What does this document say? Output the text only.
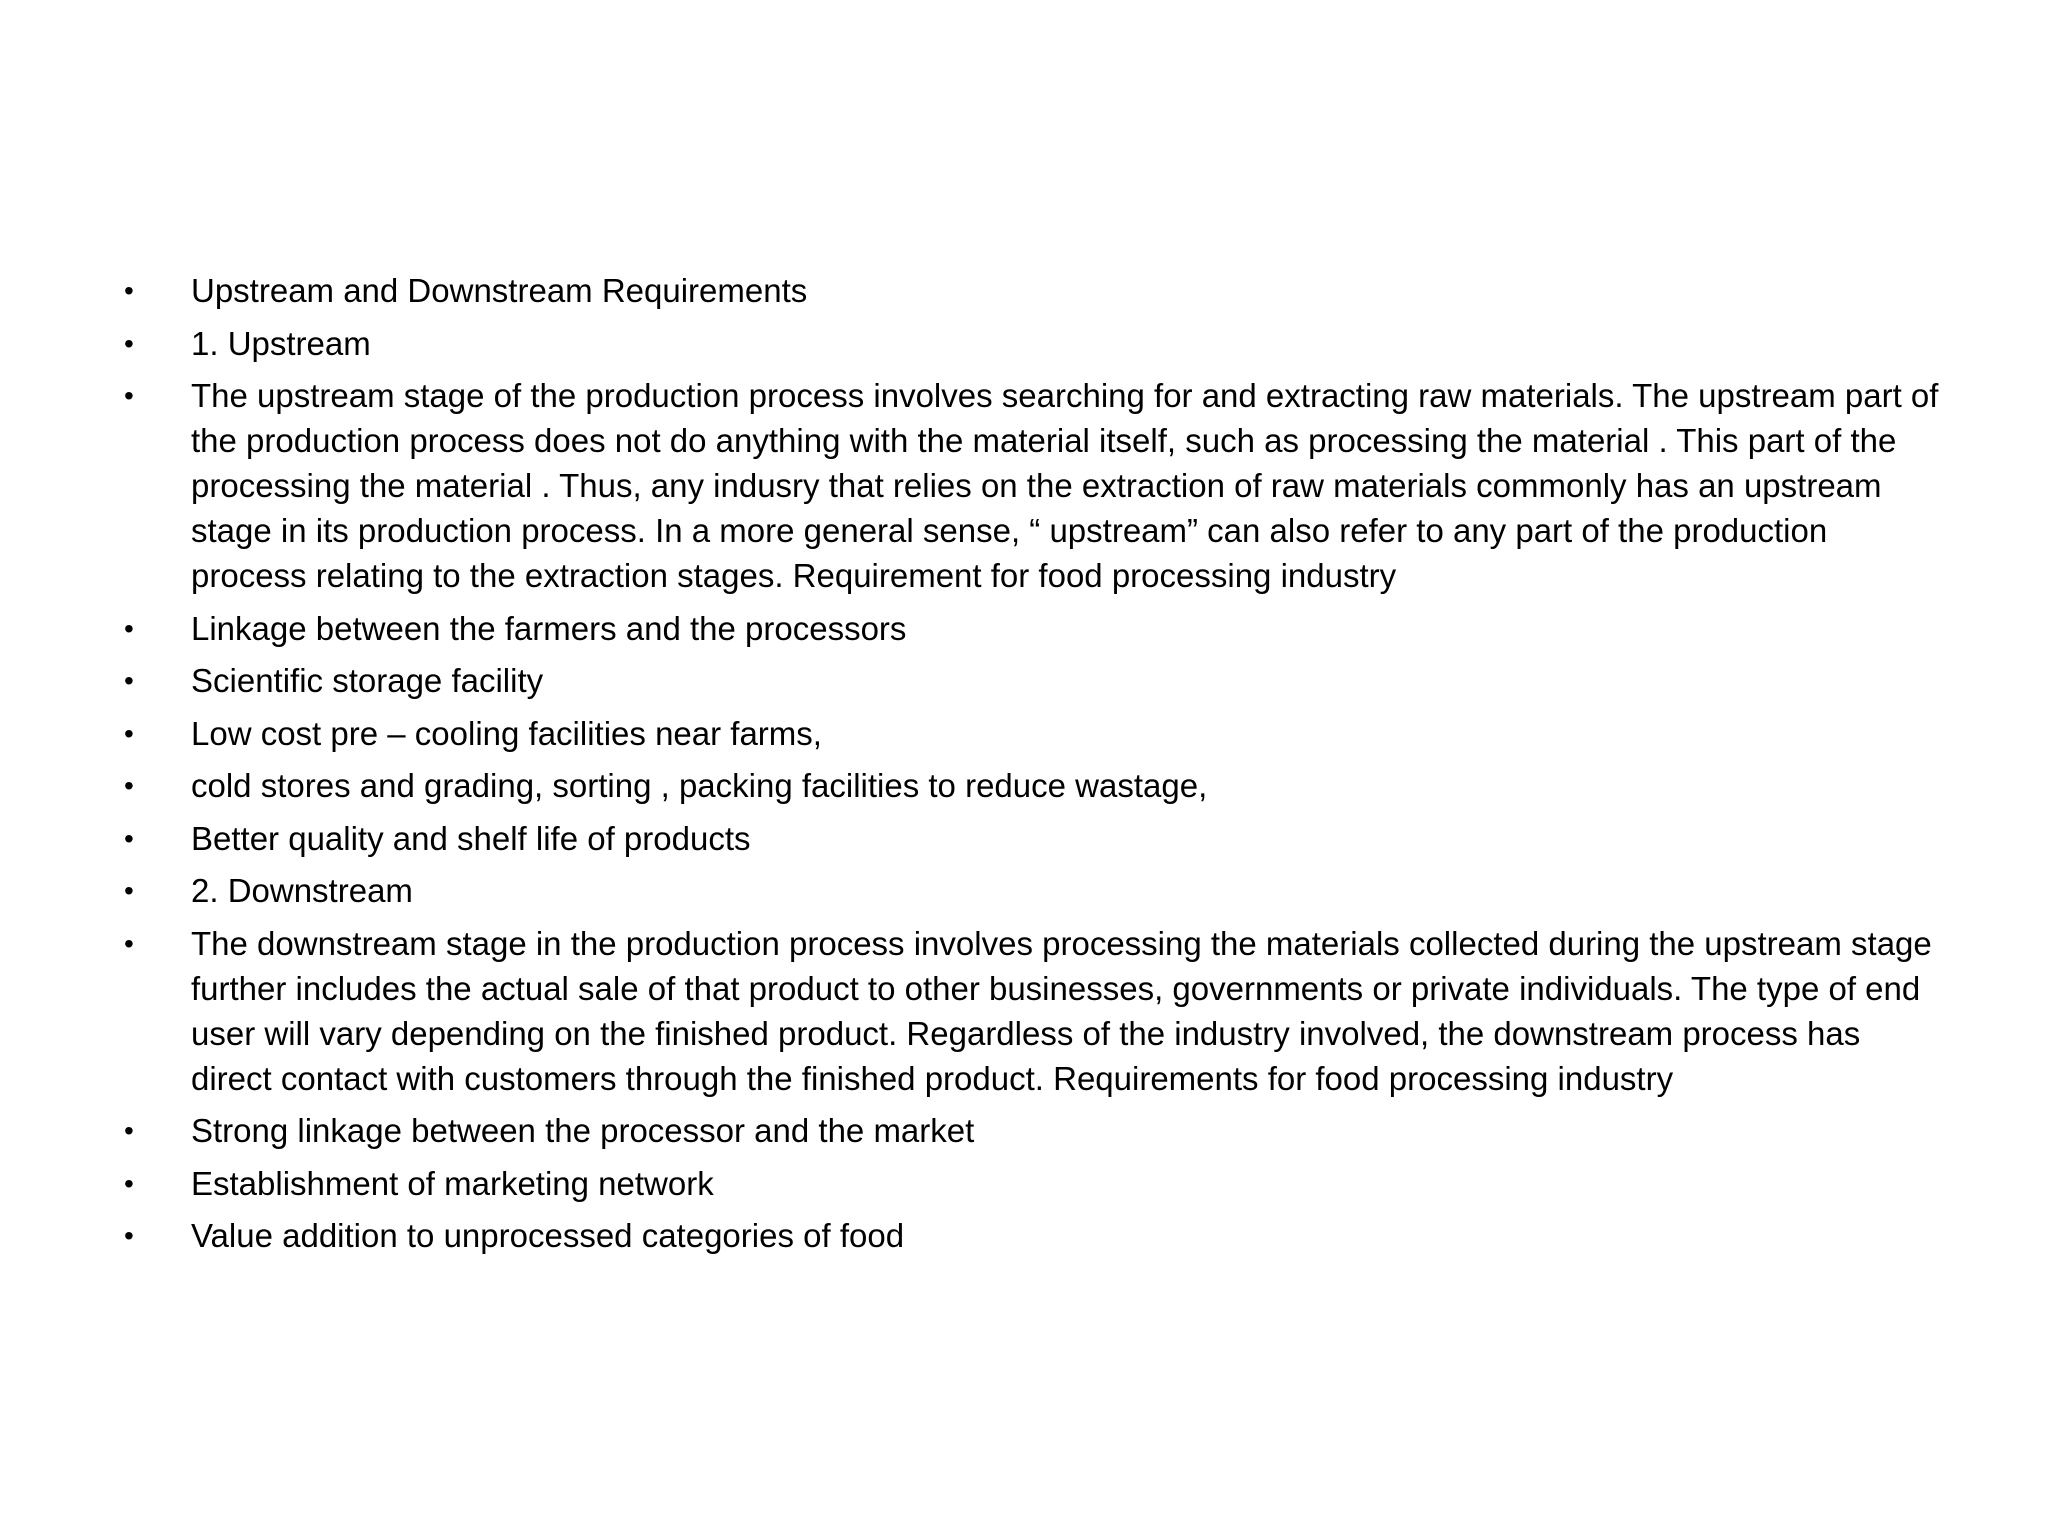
• Upstream and Downstream Requirements
• 1. Upstream
• The upstream stage of the production process involves searching for and extracting raw materials. The upstream part of the production process does not do anything with the material itself, such as processing the material . This part of the processing the material . Thus, any indusry that relies on the extraction of raw materials commonly has an upstream stage in its production process. In a more general sense, “ upstream” can also refer to any part of the production process relating to the extraction stages. Requirement for food processing industry
• Linkage between the farmers and the processors
• Scientific storage facility
• Low cost pre – cooling facilities near farms,
• cold stores and grading, sorting , packing facilities to reduce wastage,
• Better quality and shelf life of products
• 2. Downstream
• The downstream stage in the production process involves processing the materials collected during the upstream stage further includes the actual sale of that product to other businesses, governments or private individuals. The type of end user will vary depending on the finished product. Regardless of the industry involved, the downstream process has direct contact with customers through the finished product. Requirements for food processing industry
• Strong linkage between the processor and the market
• Establishment of marketing network
• Value addition to unprocessed categories of food
